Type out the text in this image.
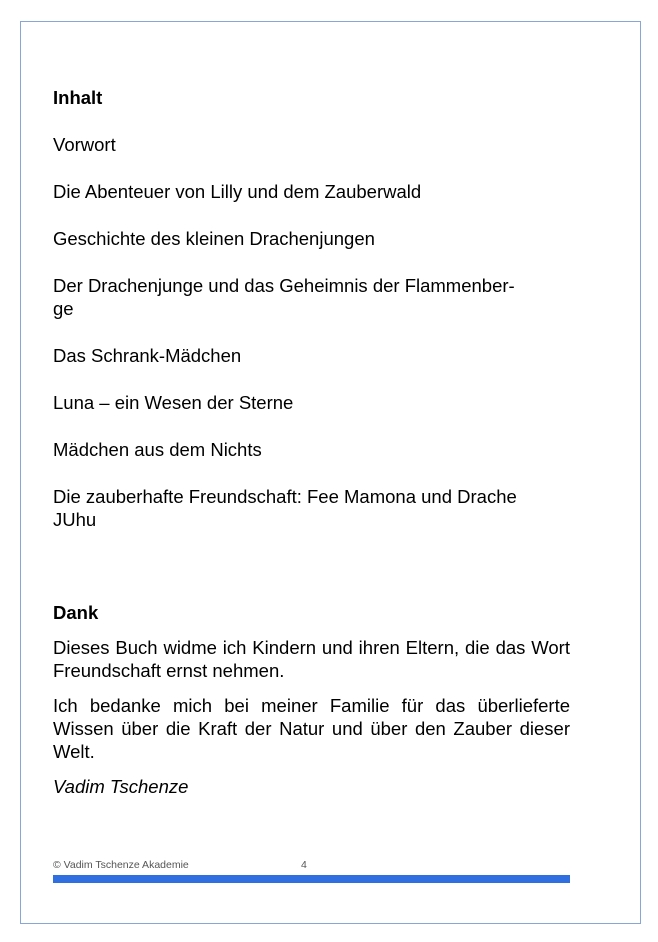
Inhalt

Vorwort

Die Abenteuer von Lilly und dem Zauberwald

Geschichte des kleinen Drachenjungen

Der Drachenjunge und das Geheimnis der Flammenber-

ge

Das Schrank-Mädchen

Luna – ein Wesen der Sterne

Mädchen aus dem Nichts

Die zauberhafte Freundschaft: Fee Mamona und Drache

JUhu

Dank

Dieses Buch widme ich Kindern und ihren Eltern, die das Wort Freundschaft ernst nehmen.

Ich bedanke mich bei meiner Familie für das überlieferte Wissen über die Kraft der Natur und über den Zauber dieser Welt.

Vadim Tschenze

© Vadim Tschenze Akademie	4
